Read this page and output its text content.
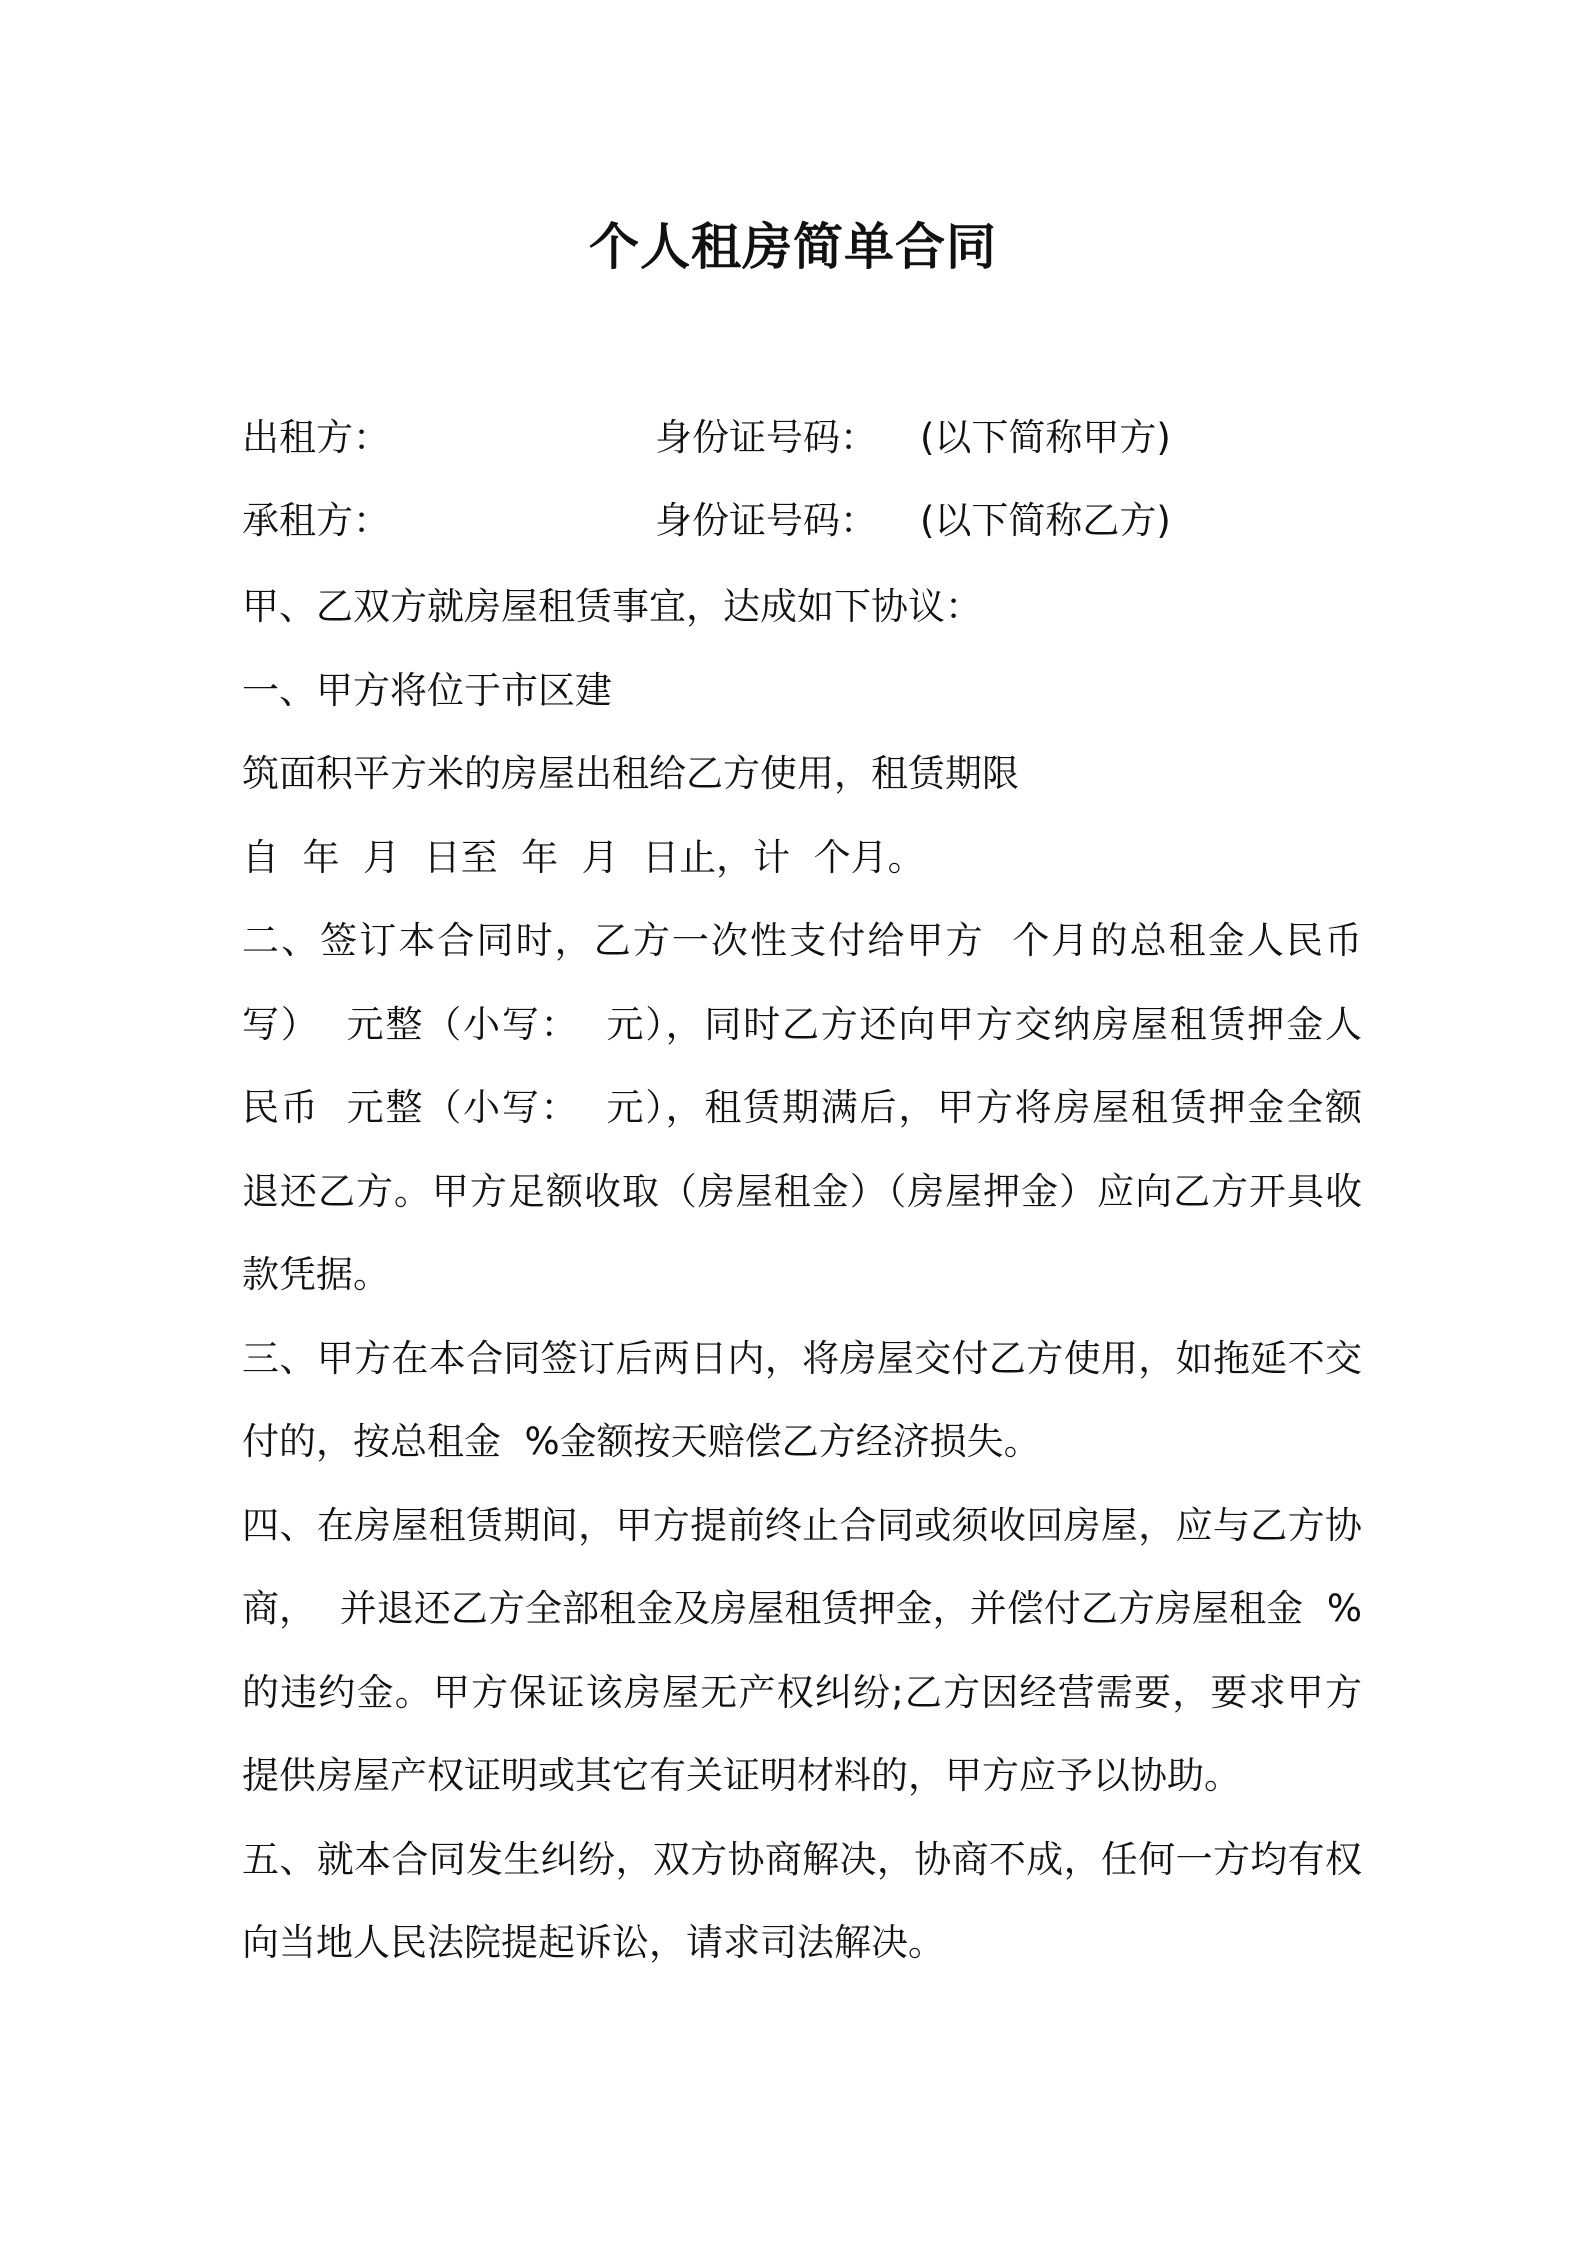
个人租房简单合同
出租方：	身份证号码： (以下简称甲方)
承租方：	身份证号码： (以下简称乙方)
甲、乙双方就房屋租赁事宜，达成如下协议：
一、甲方将位于市区建
筑面积平方米的房屋出租给乙方使用，租赁期限
自  年  月  日至  年  月  日止，计  个月。
二、签订本合同时，乙方一次性支付给甲方  个月的总租金人民币
写）  元整（小写：  元），同时乙方还向甲方交纳房屋租赁押金人
民币  元整（小写：  元），租赁期满后，甲方将房屋租赁押金全额
退还乙方。甲方足额收取（房屋租金）（房屋押金）应向乙方开具收
款凭据。
三、甲方在本合同签订后两日内，将房屋交付乙方使用，如拖延不交
付的，按总租金  %金额按天赔偿乙方经济损失。
四、在房屋租赁期间，甲方提前终止合同或须收回房屋，应与乙方协
商，  并退还乙方全部租金及房屋租赁押金，并偿付乙方房屋租金  %
的违约金。甲方保证该房屋无产权纠纷;乙方因经营需要，要求甲方
提供房屋产权证明或其它有关证明材料的，甲方应予以协助。
五、就本合同发生纠纷，双方协商解决，协商不成，任何一方均有权
向当地人民法院提起诉讼，请求司法解决。
